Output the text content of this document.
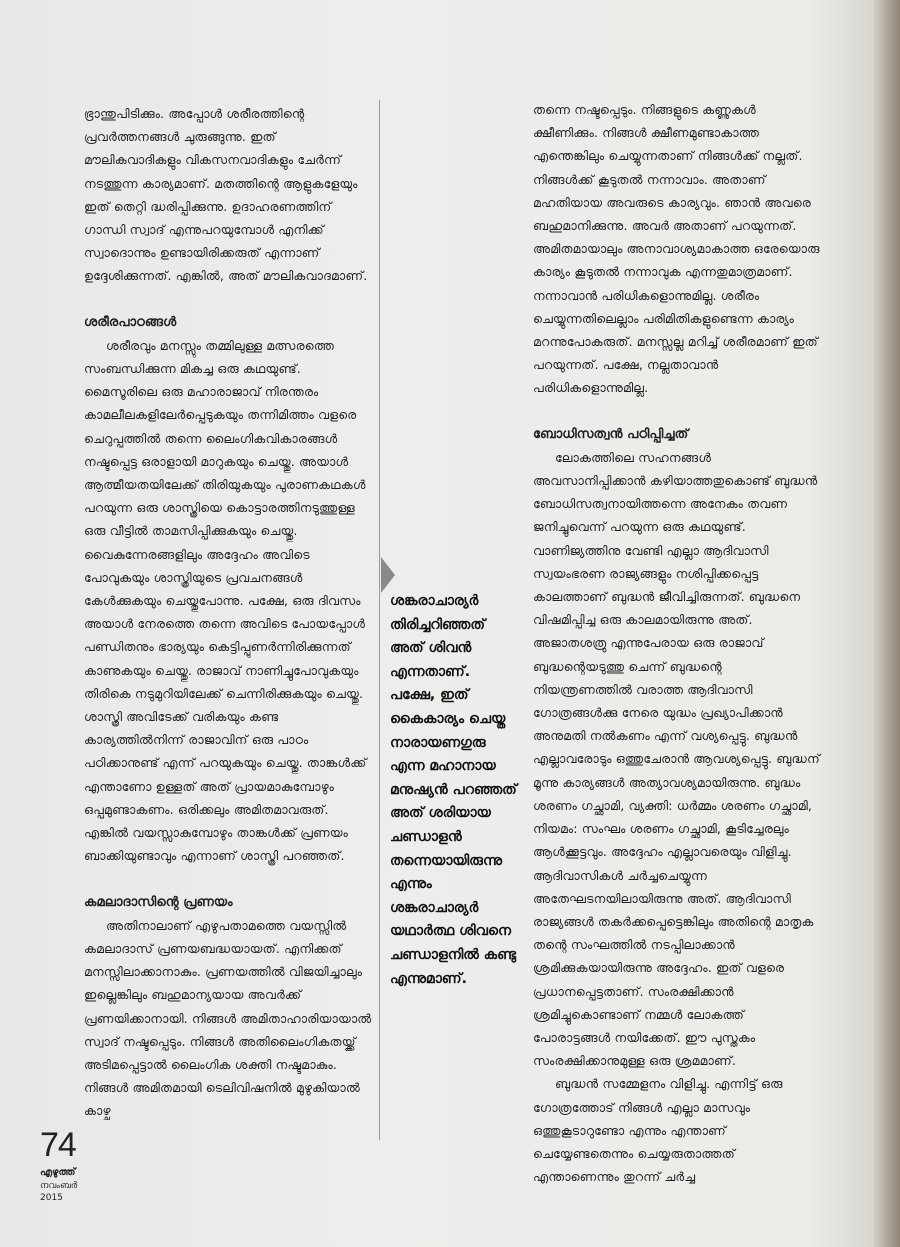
ഭ്രാന്തുപിടിക്കും. അപ്പോൾ ശരീരത്തിന്റെ പ്രവർത്തനങ്ങൾ ചുരുങ്ങുന്നു. ഇത് മൗലികവാദികളും വികസനവാദികളും ചേർന്ന് നടത്തുന്ന കാര്യമാണ്. മതത്തിന്റെ ആളുകളേയും ഇത് തെറ്റി ദ്ധരിപ്പിക്കുന്നു. ഉദാഹരണത്തിന് ഗാന്ധി സ്വാദ് എന്നുപറയുമ്പോൾ എനിക്ക് സ്വാദൊന്നും ഉണ്ടായിരിക്കരുത് എന്നാണ് ഉദ്ദേശിക്കുന്നത്. എങ്കിൽ, അത് മൗലികവാദമാണ്.

ശരീരപാഠങ്ങൾ

ശരീരവും മനസ്സും തമ്മിലുള്ള മത്സരത്തെ സംബന്ധിക്കുന്ന മികച്ച ഒരു കഥയുണ്ട്. മൈസൂരിലെ ഒരു മഹാരാജാവ് നിരന്തരം കാമലീലകളിലേർപ്പെടുകയും തന്നിമിത്തം വളരെ ചെറുപ്പത്തിൽ തന്നെ ലൈംഗികവികാരങ്ങൾ നഷ്ടപ്പെട്ട ഒരാളായി മാറുകയും ചെയ്തു. അയാൾ ആത്മീയതയിലേക്ക് തിരിയുകയും പുരാണകഥകൾ പറയുന്ന ഒരു ശാസ്ത്രിയെ കൊട്ടാരത്തിനടുത്തുള്ള ഒരു വീട്ടിൽ താമസിപ്പിക്കുകയും ചെയ്തു. വൈകുന്നേരങ്ങളിലും അദ്ദേഹം അവിടെ പോവുകയും ശാസ്ത്രിയുടെ പ്രവചനങ്ങൾ കേൾക്കുകയും ചെയ്തുപോന്നു. പക്ഷേ, ഒരു ദിവസം അയാൾ നേരത്തെ തന്നെ അവിടെ പോയപ്പോൾ പണ്ഡിതനും ഭാര്യയും കെട്ടിപ്പുണർന്നിരിക്കുന്നത് കാണുകയും ചെയ്തു. രാജാവ് നാണിച്ചുപോവുകയും തിരികെ നടുമുറിയിലേക്ക് ചെന്നിരിക്കുകയും ചെയ്തു. ശാസ്ത്രി അവിടേക്ക് വരികയും കണ്ട കാര്യത്തിൽനിന്ന് രാജാവിന് ഒരു പാഠം പഠിക്കാനുണ്ട് എന്ന് പറയുകയും ചെയ്തു. താങ്കൾക്ക് എന്താണോ ഉള്ളത് അത് പ്രായമാകുമ്പോഴും ഒപ്പമുണ്ടാകണം. ഒരിക്കലും അമിതമാവരുത്. എങ്കിൽ വയസ്സാകുമ്പോഴും താങ്കൾക്ക് പ്രണയം ബാക്കിയുണ്ടാവും എന്നാണ് ശാസ്ത്രി പറഞ്ഞത്.

കമലാദാസിന്റെ പ്രണയം

അതിനാലാണ് എഴുപതാമത്തെ വയസ്സിൽ കമലാദാസ് പ്രണയബദ്ധയായത്. എനിക്കത് മനസ്സിലാക്കാനാകും. പ്രണയത്തിൽ വിജയിച്ചാലും ഇല്ലെങ്കിലും ബഹുമാന്യയായ അവർക്ക് പ്രണയിക്കാനായി. നിങ്ങൾ അമിതാഹാരിയായാൽ സ്വാദ് നഷ്ടപ്പെടും. നിങ്ങൾ അതിലൈംഗികതയ്ക്ക് അടിമപ്പെട്ടാൽ ലൈംഗിക ശക്തി നഷ്ടമാകും. നിങ്ങൾ അമിതമായി ടെലിവിഷനിൽ മുഴുകിയാൽ കാഴ്ച

ശങ്കരാചാര്യർ തിരിച്ചറിഞ്ഞത് അത് ശിവൻ എന്നതാണ്. പക്ഷേ, ഇത് കൈകാര്യം ചെയ്ത നാരായണഗുരു എന്ന മഹാനായ മനുഷ്യൻ പറഞ്ഞത് അത് ശരിയായ ചണ്ഡാളൻ തന്നെയായിരുന്നു എന്നും ശങ്കരാചാര്യർ യഥാർത്ഥ ശിവനെ ചണ്ഡാളനിൽ കണ്ടു എന്നുമാണ്.

തന്നെ നഷ്ടപ്പെടും. നിങ്ങളുടെ കണ്ണുകൾ ക്ഷീണിക്കും. നിങ്ങൾ ക്ഷീണമുണ്ടാകാത്ത എന്തെങ്കിലും ചെയ്യുന്നതാണ് നിങ്ങൾക്ക് നല്ലത്. നിങ്ങൾക്ക് കൂടുതൽ നന്നാവാം. അതാണ് മഹതിയായ അവരുടെ കാര്യവും. ഞാൻ അവരെ ബഹുമാനിക്കുന്നു. അവർ അതാണ് പറയുന്നത്. അമിതമായാലും അനാവാശ്യമാകാത്ത ഒരേയൊരു കാര്യം കൂടുതൽ നന്നാവുക എന്നതുമാത്രമാണ്. നന്നാവാൻ പരിധികളൊന്നുമില്ല. ശരീരം ചെയ്യുന്നതിലെല്ലാം പരിമിതികളുണ്ടെന്ന കാര്യം മറന്നുപോകരുത്. മനസ്സല്ല മറിച്ച് ശരീരമാണ് ഇത് പറയുന്നത്. പക്ഷേ, നല്ലതാവാൻ പരിധികളൊന്നുമില്ല.

ബോധിസത്വൻ പഠിപ്പിച്ചത്

ലോകത്തിലെ സഹനങ്ങൾ അവസാനിപ്പിക്കാൻ കഴിയാത്തതുകൊണ്ട് ബുദ്ധൻ ബോധിസത്വനായിത്തന്നെ അനേകം തവണ ജനിച്ചുവെന്ന് പറയുന്ന ഒരു കഥയുണ്ട്. വാണിജ്യത്തിനു വേണ്ടി എല്ലാ ആദിവാസി സ്വയംഭരണ രാജ്യങ്ങളും നശിപ്പിക്കപ്പെട്ട കാലത്താണ് ബുദ്ധൻ ജീവിച്ചിരുന്നത്. ബുദ്ധനെ വിഷമിപ്പിച്ച ഒരു കാലമായിരുന്നു അത്. അജാതശത്രു എന്നുപേരായ ഒരു രാജാവ് ബുദ്ധന്റെയടുത്തു ചെന്ന് ബുദ്ധന്റെ നിയന്ത്രണത്തിൽ വരാത്ത ആദിവാസി ഗോത്രങ്ങൾക്കു നേരെ യുദ്ധം പ്രഖ്യാപിക്കാൻ അനുമതി നൽകണം എന്ന് വശ്യപ്പെട്ടു. ബുദ്ധൻ എല്ലാവരോടും ഒത്തുചേരാൻ ആവശ്യപ്പെട്ടു. ബുദ്ധന് മൂന്നു കാര്യങ്ങൾ അത്യാവശ്യമായിരുന്നു. ബുദ്ധം ശരണം ഗച്ഛാമി, വ്യക്തി: ധർമ്മം ശരണം ഗച്ഛാമി, നിയമം: സംഘം ശരണം ഗച്ഛാമി, കൂടിച്ചേരലും ആൾക്കൂട്ടവും. അദ്ദേഹം എല്ലാവരെയും വിളിച്ചു. ആദിവാസികൾ ചർച്ചചെയ്യുന്ന അതേഘടനയിലായിരുന്നു അത്. ആദിവാസി രാജ്യങ്ങൾ തകർക്കപ്പെട്ടെങ്കിലും അതിന്റെ മാതൃക തന്റെ സംഘത്തിൽ നടപ്പിലാക്കാൻ ശ്രമിക്കുകയായിരുന്നു അദ്ദേഹം. ഇത് വളരെ പ്രധാനപ്പെട്ടതാണ്. സംരക്ഷിക്കാൻ ശ്രമിച്ചുകൊണ്ടാണ് നമ്മൾ ലോകത്ത് പോരാട്ടങ്ങൾ നയിക്കേത്. ഈ പുസ്തകം സംരക്ഷിക്കാനുമുള്ള ഒരു ശ്രമമാണ്.

ബുദ്ധൻ സമ്മേളനം വിളിച്ചു. എന്നിട്ട് ഒരു ഗോത്രത്തോട് നിങ്ങൾ എല്ലാ മാസവും ഒത്തുകൂടാറുണ്ടോ എന്നും എന്താണ് ചെയ്യേണ്ടതെന്നും ചെയ്യരുതാത്തത് എന്താണെന്നും തുറന്ന് ചർച്ച

74
എഴുത്ത്
നവംബർ
2015
